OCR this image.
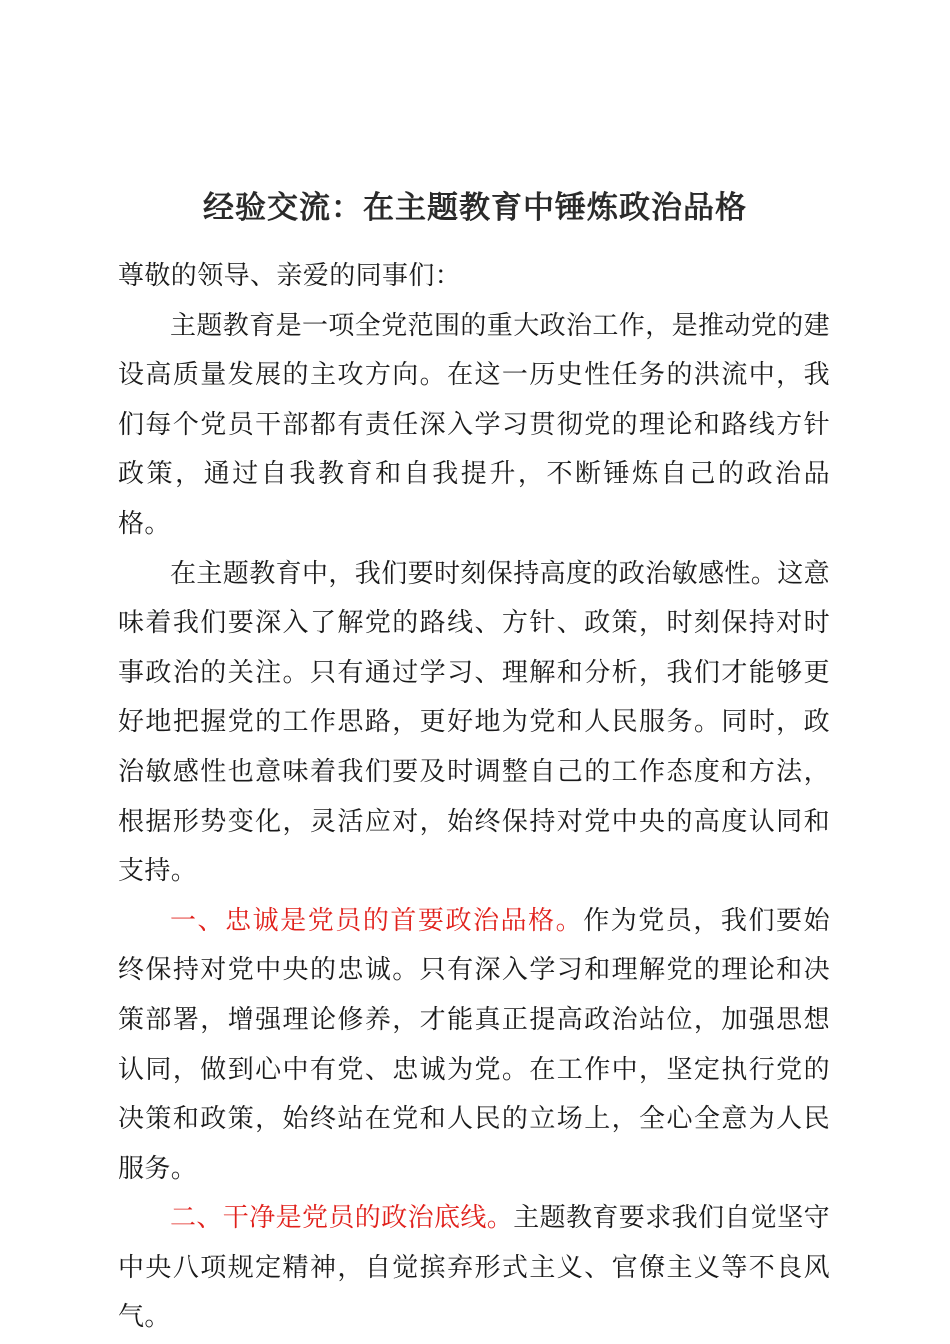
经验交流：在主题教育中锤炼政治品格

尊敬的领导、亲爱的同事们：

主题教育是一项全党范围的重大政治工作，是推动党的建设高质量发展的主攻方向。在这一历史性任务的洪流中，我们每个党员干部都有责任深入学习贯彻党的理论和路线方针政策，通过自我教育和自我提升，不断锤炼自己的政治品格。

在主题教育中，我们要时刻保持高度的政治敏感性。这意味着我们要深入了解党的路线、方针、政策，时刻保持对时事政治的关注。只有通过学习、理解和分析，我们才能够更好地把握党的工作思路，更好地为党和人民服务。同时，政治敏感性也意味着我们要及时调整自己的工作态度和方法，根据形势变化，灵活应对，始终保持对党中央的高度认同和支持。

一、忠诚是党员的首要政治品格。作为党员，我们要始终保持对党中央的忠诚。只有深入学习和理解党的理论和决策部署，增强理论修养，才能真正提高政治站位，加强思想认同，做到心中有党、忠诚为党。在工作中，坚定执行党的决策和政策，始终站在党和人民的立场上，全心全意为人民服务。

二、干净是党员的政治底线。主题教育要求我们自觉坚守中央八项规定精神，自觉摈弃形式主义、官僚主义等不良风气。
